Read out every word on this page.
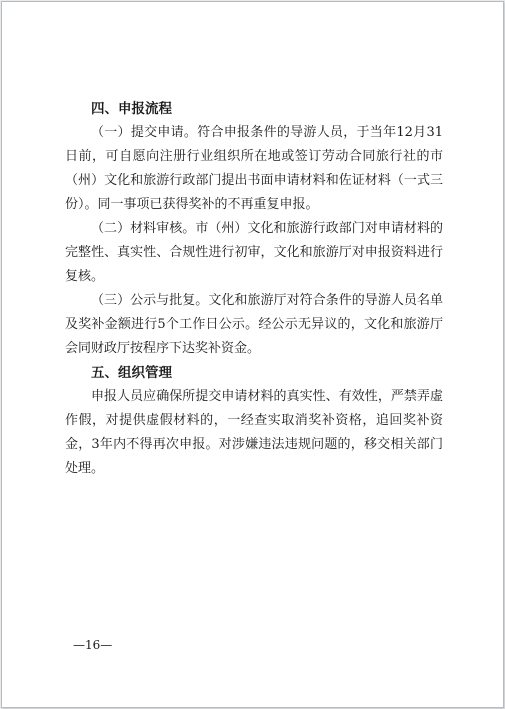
四、申报流程

（一）提交申请。符合申报条件的导游人员，于当年12月31日前，可自愿向注册行业组织所在地或签订劳动合同旅行社的市（州）文化和旅游行政部门提出书面申请材料和佐证材料（一式三份）。同一事项已获得奖补的不再重复申报。

（二）材料审核。市（州）文化和旅游行政部门对申请材料的完整性、真实性、合规性进行初审，文化和旅游厅对申报资料进行复核。

（三）公示与批复。文化和旅游厅对符合条件的导游人员名单及奖补金额进行5个工作日公示。经公示无异议的，文化和旅游厅会同财政厅按程序下达奖补资金。

五、组织管理

申报人员应确保所提交申请材料的真实性、有效性，严禁弄虚作假，对提供虚假材料的，一经查实取消奖补资格，追回奖补资金，3年内不得再次申报。对涉嫌违法违规问题的，移交相关部门处理。

—16—
